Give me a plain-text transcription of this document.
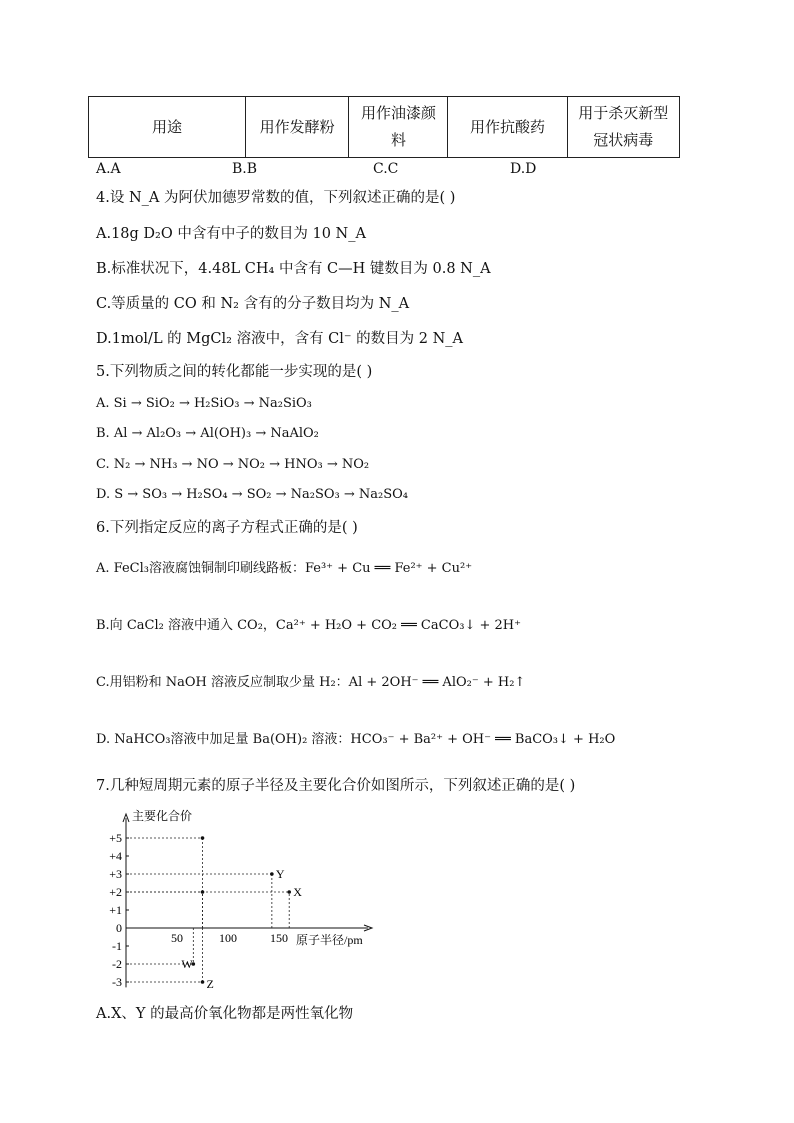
用途	用作发酵粉	用作油漆颜料	用作抗酸药	用于杀灭新型冠状病毒
A.A	B.B	C.C	D.D
4.设 N_A 为阿伏加德罗常数的值，下列叙述正确的是( )
A.18g D₂O 中含有中子的数目为 10 N_A
B.标准状况下，4.48L CH₄ 中含有 C—H 键数目为 0.8 N_A
C.等质量的 CO 和 N₂ 含有的分子数目均为 N_A
D.1mol/L 的 MgCl₂ 溶液中，含有 Cl⁻ 的数目为 2 N_A
5.下列物质之间的转化都能一步实现的是( )
A. Si → SiO₂ → H₂SiO₃ → Na₂SiO₃
B. Al → Al₂O₃ → Al(OH)₃ → NaAlO₂
C. N₂ → NH₃ → NO → NO₂ → HNO₃ → NO₂
D. S → SO₃ → H₂SO₄ → SO₂ → Na₂SO₃ → Na₂SO₄
6.下列指定反应的离子方程式正确的是( )
A. FeCl₃溶液腐蚀铜制印刷线路板：Fe³⁺ + Cu ══ Fe²⁺ + Cu²⁺
B.向 CaCl₂ 溶液中通入 CO₂，Ca²⁺ + H₂O + CO₂ ══ CaCO₃↓ + 2H⁺
C.用铝粉和 NaOH 溶液反应制取少量 H₂：Al + 2OH⁻ ══ AlO₂⁻ + H₂↑
D. NaHCO₃溶液中加足量 Ba(OH)₂ 溶液：HCO₃⁻ + Ba²⁺ + OH⁻ ══ BaCO₃↓ + H₂O
7.几种短周期元素的原子半径及主要化合价如图所示，下列叙述正确的是( )
主要化合价
原子半径/pm
+5
+4
+3
+2
+1
0
-1
-2
-3
50	100	150
Y
X
W
Z
A.X、Y 的最高价氧化物都是两性氧化物
